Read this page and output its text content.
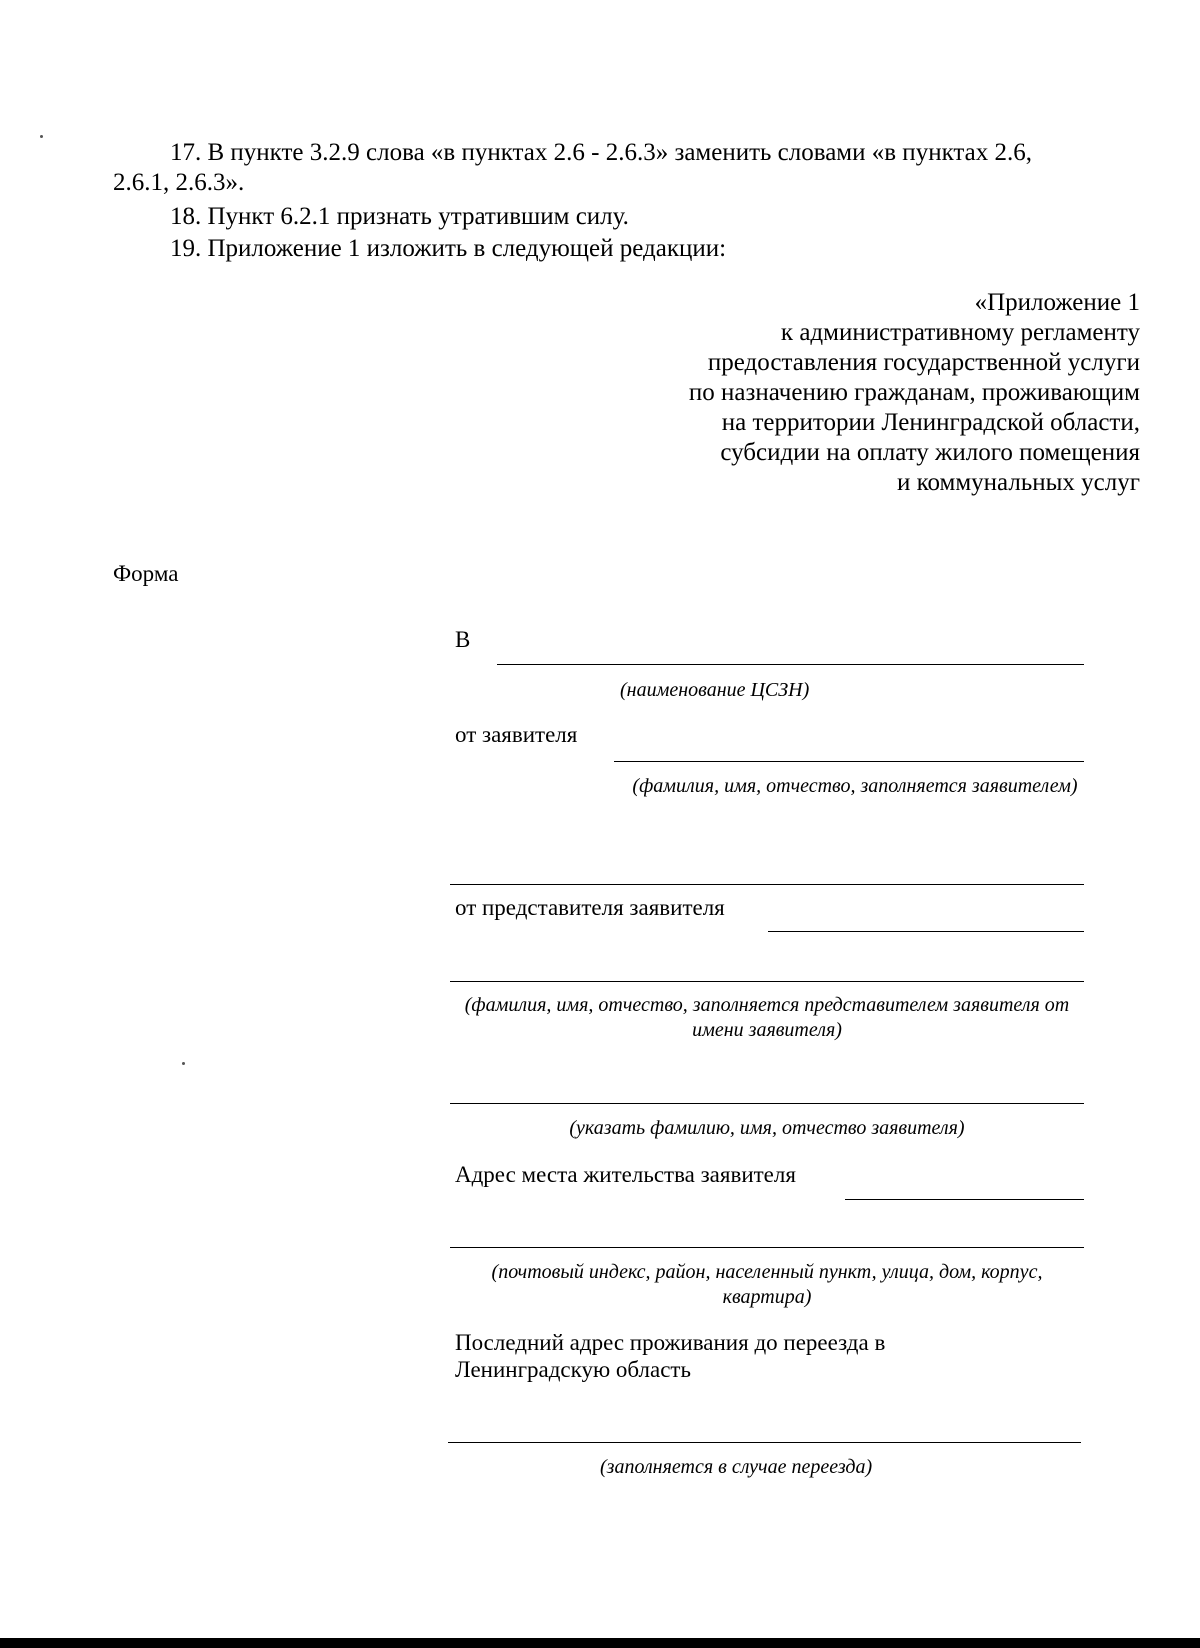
17. В пункте 3.2.9 слова «в пунктах 2.6 - 2.6.3» заменить словами «в пунктах 2.6,
2.6.1, 2.6.3».
18. Пункт 6.2.1 признать утратившим силу.
19. Приложение 1 изложить в следующей редакции:
«Приложение 1
к административному регламенту
предоставления государственной услуги
по назначению гражданам, проживающим
на территории Ленинградской области,
субсидии на оплату жилого помещения
и коммунальных услуг
Форма
В
(наименование ЦСЗН)
от заявителя
(фамилия, имя, отчество, заполняется заявителем)
от представителя заявителя
(фамилия, имя, отчество, заполняется представителем заявителя от имени заявителя)
(указать фамилию, имя, отчество заявителя)
Адрес места жительства заявителя
(почтовый индекс, район, населенный пункт, улица, дом, корпус, квартира)
Последний адрес проживания до переезда в
Ленинградскую область
(заполняется в случае переезда)
